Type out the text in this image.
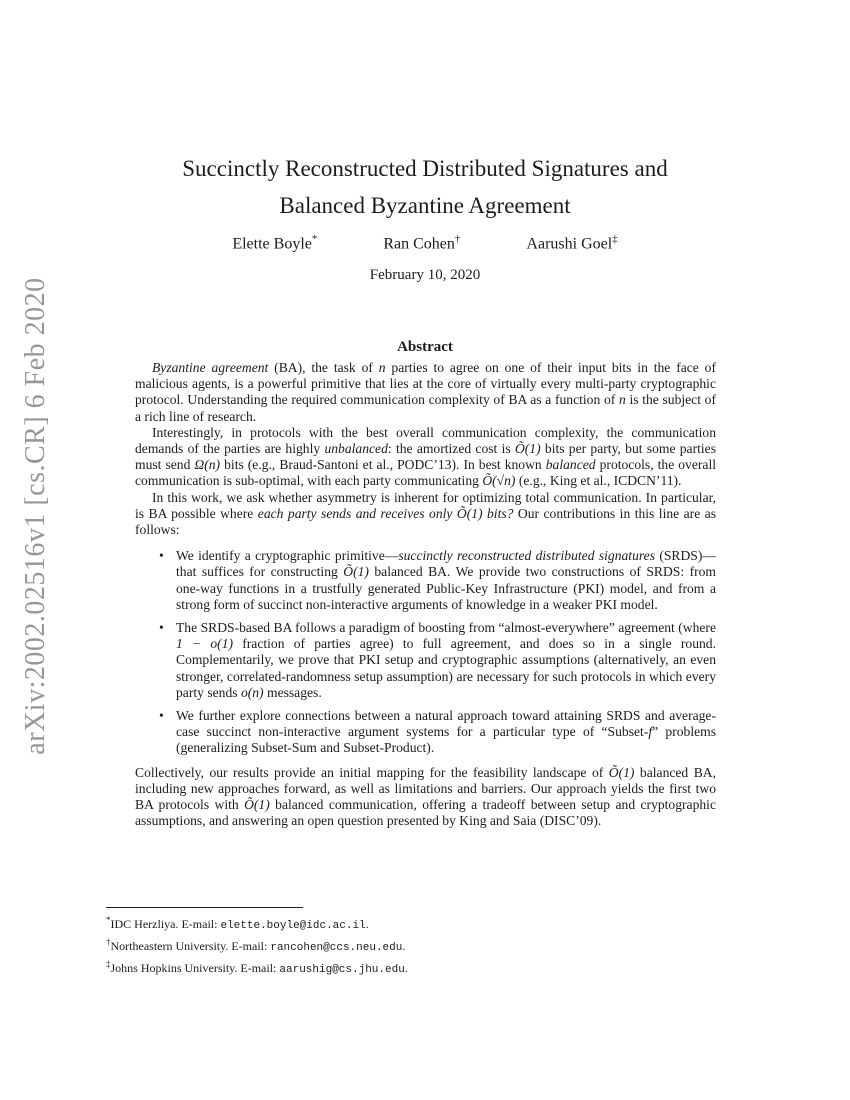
arXiv:2002.02516v1 [cs.CR] 6 Feb 2020
Succinctly Reconstructed Distributed Signatures and
Balanced Byzantine Agreement
Elette Boyle*	Ran Cohen†	Aarushi Goel‡
February 10, 2020
Abstract

Byzantine agreement (BA), the task of n parties to agree on one of their input bits in the face of malicious agents, is a powerful primitive that lies at the core of virtually every multi-party cryptographic protocol. Understanding the required communication complexity of BA as a function of n is the subject of a rich line of research.

Interestingly, in protocols with the best overall communication complexity, the communication demands of the parties are highly unbalanced: the amortized cost is Õ(1) bits per party, but some parties must send Ω(n) bits (e.g., Braud-Santoni et al., PODC’13). In best known balanced protocols, the overall communication is sub-optimal, with each party communicating Õ(√n) (e.g., King et al., ICDCN’11).

In this work, we ask whether asymmetry is inherent for optimizing total communication. In particular, is BA possible where each party sends and receives only Õ(1) bits? Our contributions in this line are as follows:

• We identify a cryptographic primitive—succinctly reconstructed distributed signatures (SRDS)—that suffices for constructing Õ(1) balanced BA. We provide two constructions of SRDS: from one-way functions in a trustfully generated Public-Key Infrastructure (PKI) model, and from a strong form of succinct non-interactive arguments of knowledge in a weaker PKI model.
• The SRDS-based BA follows a paradigm of boosting from “almost-everywhere” agreement (where 1 − o(1) fraction of parties agree) to full agreement, and does so in a single round. Complementarily, we prove that PKI setup and cryptographic assumptions (alternatively, an even stronger, correlated-randomness setup assumption) are necessary for such protocols in which every party sends o(n) messages.
• We further explore connections between a natural approach toward attaining SRDS and average-case succinct non-interactive argument systems for a particular type of “Subset-f” problems (generalizing Subset-Sum and Subset-Product).

Collectively, our results provide an initial mapping for the feasibility landscape of Õ(1) balanced BA, including new approaches forward, as well as limitations and barriers. Our approach yields the first two BA protocols with Õ(1) balanced communication, offering a tradeoff between setup and cryptographic assumptions, and answering an open question presented by King and Saia (DISC’09).

*IDC Herzliya. E-mail: elette.boyle@idc.ac.il.
†Northeastern University. E-mail: rancohen@ccs.neu.edu.
‡Johns Hopkins University. E-mail: aarushig@cs.jhu.edu.
